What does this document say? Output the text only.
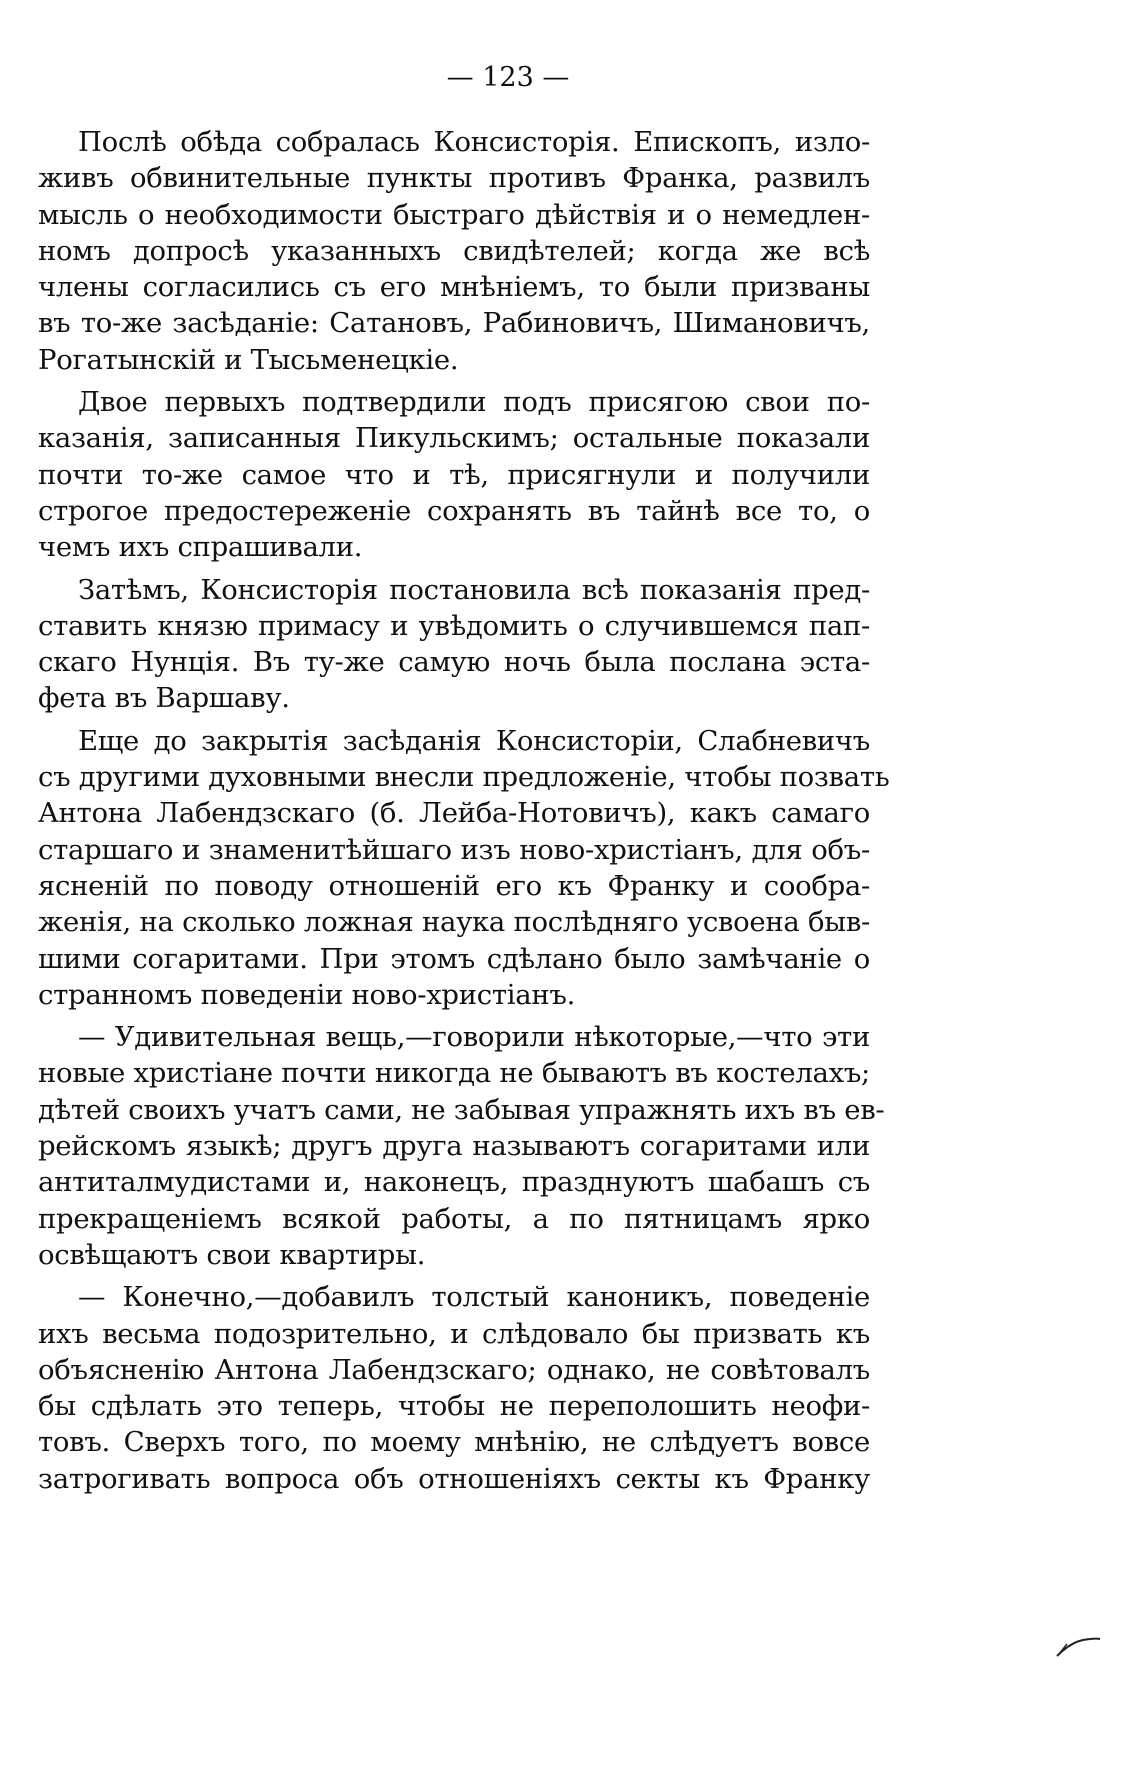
— 123 —
Послѣ обѣда собралась Консисторія. Епископъ, изло-
живъ обвинительные пункты противъ Франка, развилъ
мысль о необходимости быстраго дѣйствія и о немедлен-
номъ допросѣ указанныхъ свидѣтелей; когда же всѣ
члены согласились съ его мнѣніемъ, то были призваны
въ то-же засѣданіе: Сатановъ, Рабиновичъ, Шимановичъ,
Рогатынскій и Тысьменецкіе.
Двое первыхъ подтвердили подъ присягою свои по-
казанія, записанныя Пикульскимъ; остальные показали
почти то-же самое что и тѣ, присягнули и получили
строгое предостереженіе сохранять въ тайнѣ все то, о
чемъ ихъ спрашивали.
Затѣмъ, Консисторія постановила всѣ показанія пред-
ставить князю примасу и увѣдомить о случившемся пап-
скаго Нунція. Въ ту-же самую ночь была послана эста-
фета въ Варшаву.
Еще до закрытія засѣданія Консисторіи, Слабневичъ
съ другими духовными внесли предложеніе, чтобы позвать
Антона Лабендзскаго (б. Лейба-Нотовичъ), какъ самаго
старшаго и знаменитѣйшаго изъ ново-христіанъ, для объ-
ясненій по поводу отношеній его къ Франку и сообра-
женія, на сколько ложная наука послѣдняго усвоена быв-
шими согаритами. При этомъ сдѣлано было замѣчаніе о
странномъ поведеніи ново-христіанъ.
— Удивительная вещь,—говорили нѣкоторые,—что эти
новые христіане почти никогда не бываютъ въ костелахъ;
дѣтей своихъ учатъ сами, не забывая упражнять ихъ въ ев-
рейскомъ языкѣ; другъ друга называютъ согаритами или
антиталмудистами и, наконецъ, празднуютъ шабашъ съ
прекращеніемъ всякой работы, а по пятницамъ ярко
освѣщаютъ свои квартиры.
— Конечно,—добавилъ толстый каноникъ, поведеніе
ихъ весьма подозрительно, и слѣдовало бы призвать къ
объясненію Антона Лабендзскаго; однако, не совѣтовалъ
бы сдѣлать это теперь, чтобы не переполошить неофи-
товъ. Сверхъ того, по моему мнѣнію, не слѣдуетъ вовсе
затрогивать вопроса объ отношеніяхъ секты къ Франку
